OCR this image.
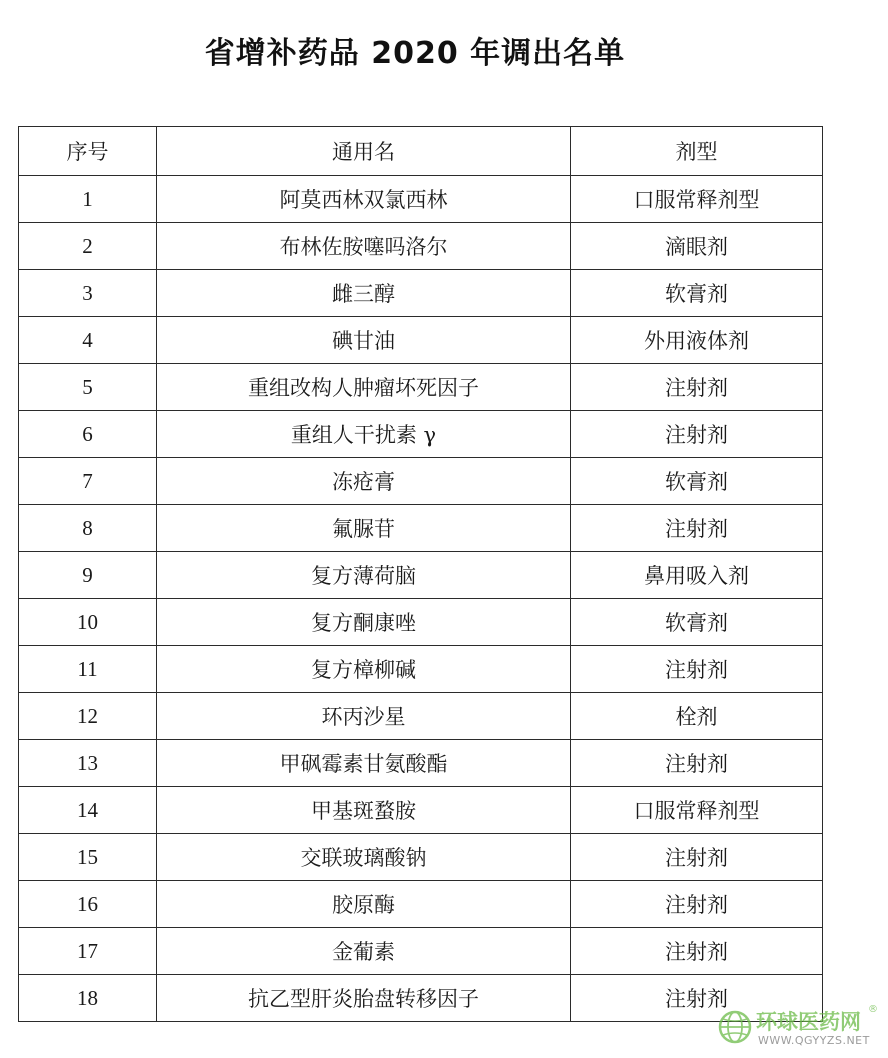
省增补药品 2020 年调出名单
序号	通用名	剂型
1	阿莫西林双氯西林	口服常释剂型
2	布林佐胺噻吗洛尔	滴眼剂
3	雌三醇	软膏剂
4	碘甘油	外用液体剂
5	重组改构人肿瘤坏死因子	注射剂
6	重组人干扰素 γ	注射剂
7	冻疮膏	软膏剂
8	氟脲苷	注射剂
9	复方薄荷脑	鼻用吸入剂
10	复方酮康唑	软膏剂
11	复方樟柳碱	注射剂
12	环丙沙星	栓剂
13	甲砜霉素甘氨酸酯	注射剂
14	甲基斑蝥胺	口服常释剂型
15	交联玻璃酸钠	注射剂
16	胶原酶	注射剂
17	金葡素	注射剂
18	抗乙型肝炎胎盘转移因子	注射剂
环球医药网
®
WWW.QGYYZS.NET
